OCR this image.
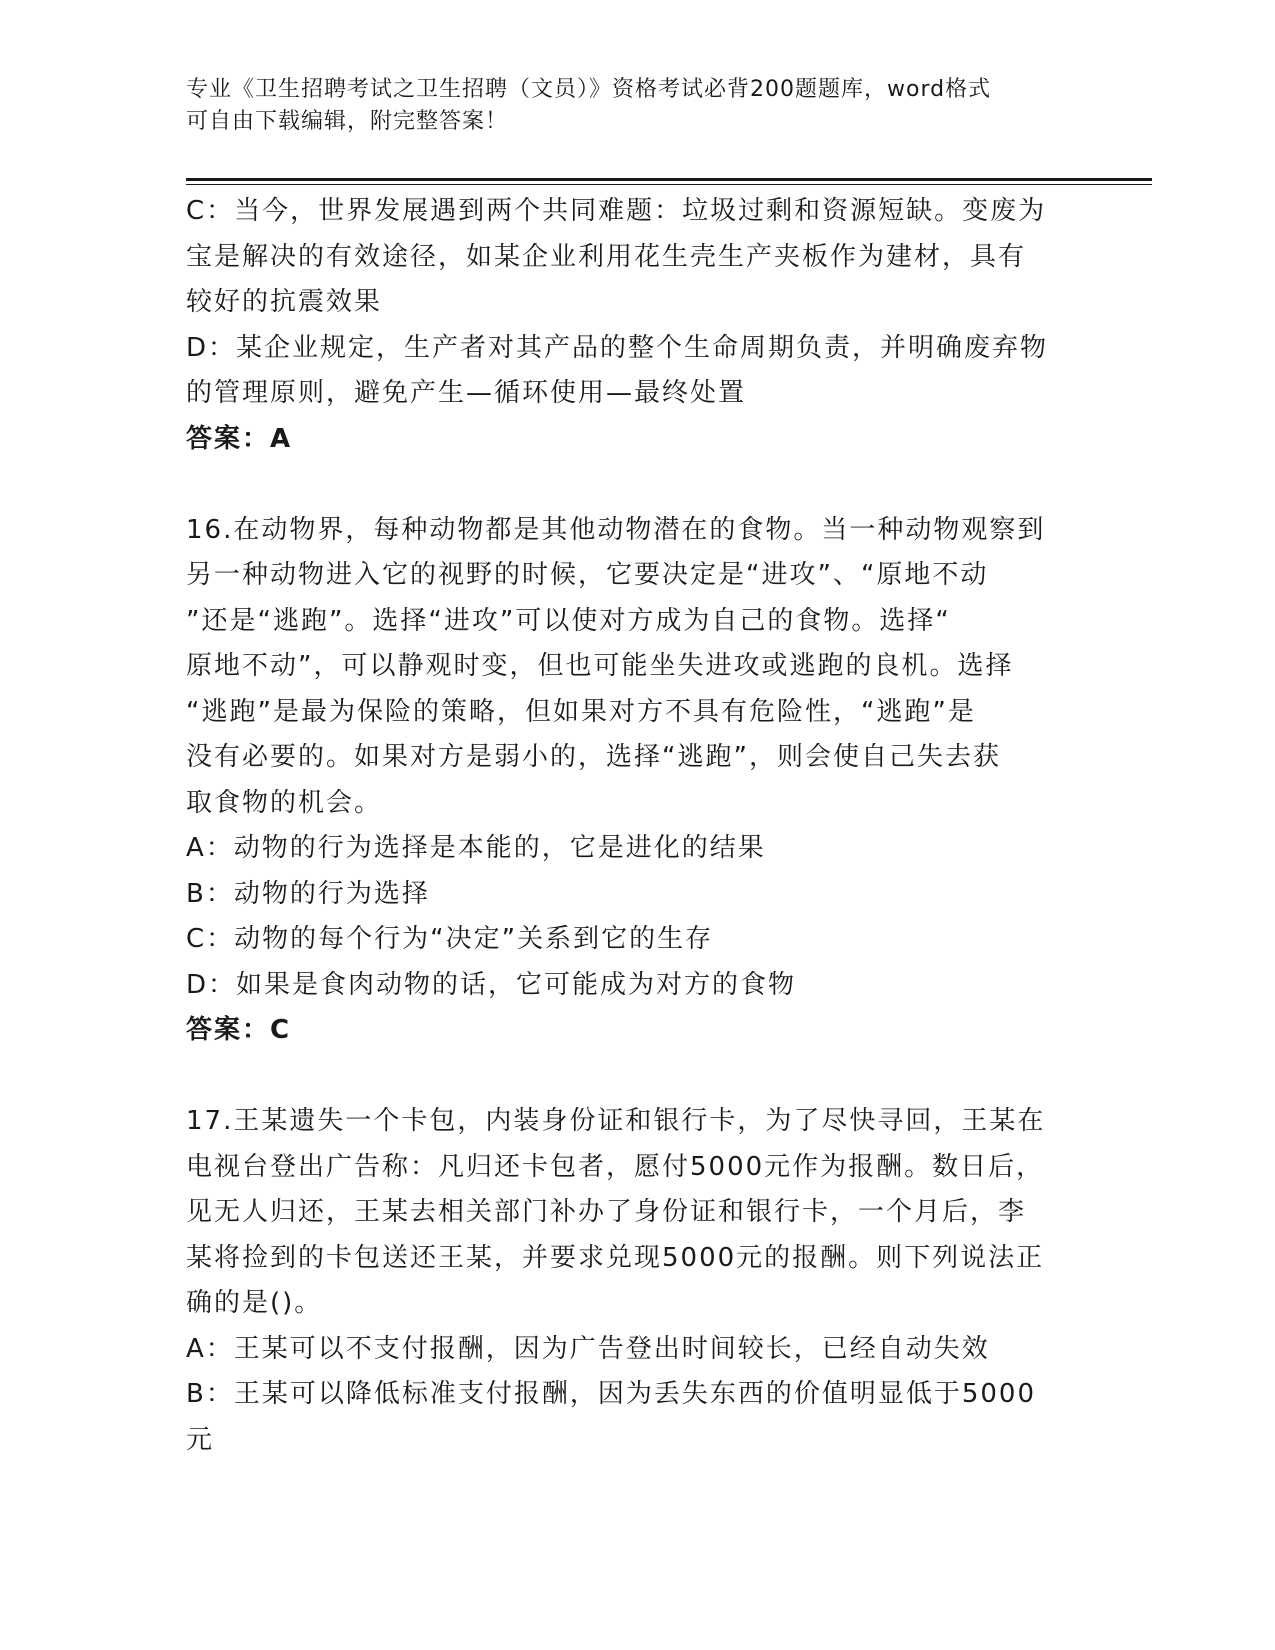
专业《卫生招聘考试之卫生招聘（文员）》资格考试必背200题题库，word格式
可自由下载编辑，附完整答案！
C：当今，世界发展遇到两个共同难题：垃圾过剩和资源短缺。变废为
宝是解决的有效途径，如某企业利用花生壳生产夹板作为建材，具有
较好的抗震效果
D：某企业规定，生产者对其产品的整个生命周期负责，并明确废弃物
的管理原则，避免产生—循环使用—最终处置
答案：A
16.在动物界，每种动物都是其他动物潜在的食物。当一种动物观察到
另一种动物进入它的视野的时候，它要决定是“进攻”、“原地不动
”还是“逃跑”。选择“进攻”可以使对方成为自己的食物。选择“
原地不动”，可以静观时变，但也可能坐失进攻或逃跑的良机。选择
“逃跑”是最为保险的策略，但如果对方不具有危险性，“逃跑”是
没有必要的。如果对方是弱小的，选择“逃跑”，则会使自己失去获
取食物的机会。
A：动物的行为选择是本能的，它是进化的结果
B：动物的行为选择
C：动物的每个行为“决定”关系到它的生存
D：如果是食肉动物的话，它可能成为对方的食物
答案：C
17.王某遗失一个卡包，内装身份证和银行卡，为了尽快寻回，王某在
电视台登出广告称：凡归还卡包者，愿付5000元作为报酬。数日后，
见无人归还，王某去相关部门补办了身份证和银行卡，一个月后，李
某将捡到的卡包送还王某，并要求兑现5000元的报酬。则下列说法正
确的是()。
A：王某可以不支付报酬，因为广告登出时间较长，已经自动失效
B：王某可以降低标准支付报酬，因为丢失东西的价值明显低于5000
元
